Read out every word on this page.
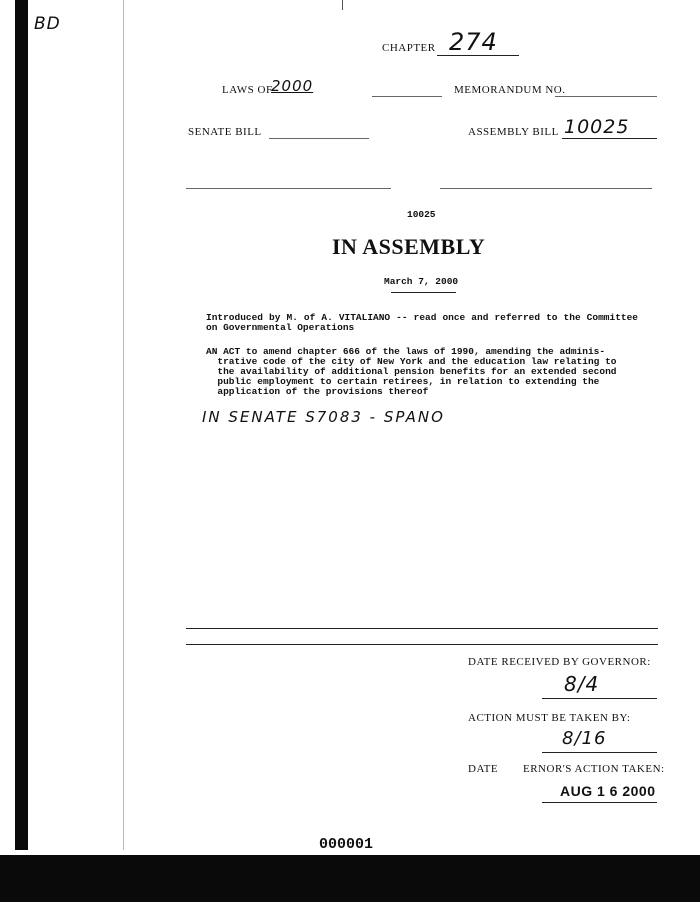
BD
CHAPTER 274
LAWS OF
2000	MEMORANDUM NO.
SENATE BILL	ASSEMBLY BILL 10025
10025
IN ASSEMBLY
March 7, 2000
Introduced by M. of A. VITALIANO -- read once and referred to the Committee on Governmental Operations
AN ACT to amend chapter 666 of the laws of 1990, amending the adminis-
trative code of the city of New York and the education law relating to
the availability of additional pension benefits for an extended second
public employment to certain retirees, in relation to extending the
application of the provisions thereof
IN SENATE S7083 - SPANO
DATE RECEIVED BY GOVERNOR:
8/4
ACTION MUST BE TAKEN BY:
8/16
DATE ERNOR'S ACTION TAKEN:
AUG 1 6 2000
000001
